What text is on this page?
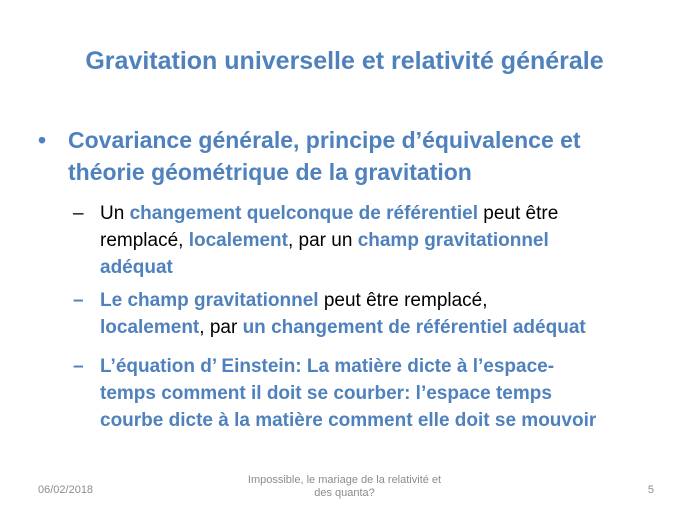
Gravitation universelle et relativité générale
• Covariance générale, principe d’équivalence et
théorie géométrique de la gravitation
– Un changement quelconque de référentiel peut être
remplacé, localement, par un champ gravitationnel
adéquat
– Le champ gravitationnel peut être remplacé,
localement, par un changement de référentiel adéquat
– L’équation d’ Einstein: La matière dicte à l’espace-
temps comment il doit se courber: l’espace temps
courbe dicte à la matière comment elle doit se mouvoir
06/02/2018
Impossible, le mariage de la relativité et
des quanta?	5
